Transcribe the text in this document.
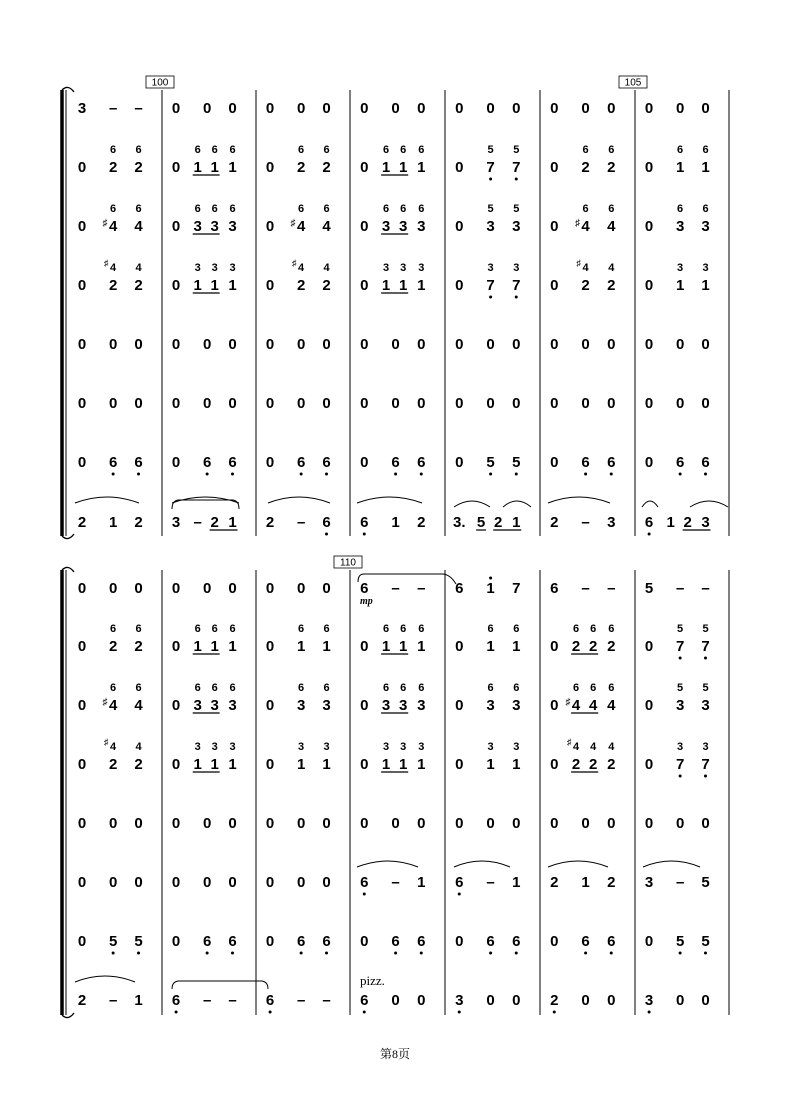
100	105
3 – – 0 0 0 0 0 0 0 0 0 0 0 0 0 0 0 0 0 0
0 2
6
2
6
0 1
6
1
6
1
6
0 2
6
2
6
0 1
6
1
6
1
6
0 7
5
7
5
0 2
6
2
6
0 1
6
1
6
0 4
♯
6
4
6
0 3
6
3
6
3
6
0 4
♯
6
4
6
0 3
6
3
6
3
6
0 3
5
3
5
0 4
♯
6
4
6
0 3
6
3
6
0 2
4
♯
2
4
0 1
3
1
3
1
3
0 2
4
♯
2
4
0 1
3
1
3
1
3
0 7
3
7
3
0 2
4
♯
2
4
0 1
3
1
3
0 0 0 0 0 0 0 0 0 0 0 0 0 0 0 0 0 0 0 0 0
0 0 0 0 0 0 0 0 0 0 0 0 0 0 0 0 0 0 0 0 0
0 6 6 0 6 6 0 6 6 0 6 6 0 5 5 0 6 6 0 6 6
2 1 2 3 – 2 1 2 – 6 6 1 2 3. 5 2 1 2 – 3 6 1 2 3
110
0 0 0 0 0 0 0 0 0 6 – – 6 1 7 6 – – 5 – –
0 2
6
2
6
0 1
6
1
6
1
6
0 1
6
1
6
0 1
6
1
6
1
6
0 1
6
1
6
0 2
6
2
6
2
6
0 7
5
7
5
0 4
♯
6
4
6
0 3
6
3
6
3
6
0 3
6
3
6
0 3
6
3
6
3
6
0 3
6
3
6
0 4
♯
6
4
6
4
6
0 3
5
3
5
0 2
4
♯
2
4
0 1
3
1
3
1
3
0 1
3
1
3
0 1
3
1
3
1
3
0 1
3
1
3
0 2
4
♯
2
4
2
4
0 7
3
7
3
0 0 0 0 0 0 0 0 0 0 0 0 0 0 0 0 0 0 0 0 0
0 0 0 0 0 0 0 0 0 6 – 1 6 – 1 2 1 2 3 – 5
0 5 5 0 6 6 0 6 6 0 6 6 0 6 6 0 6 6 0 5 5
2 – 1 6 – – 6 – – 6 0 0 3 0 0 2 0 0 3 0 0
mp
pizz.
第8页
